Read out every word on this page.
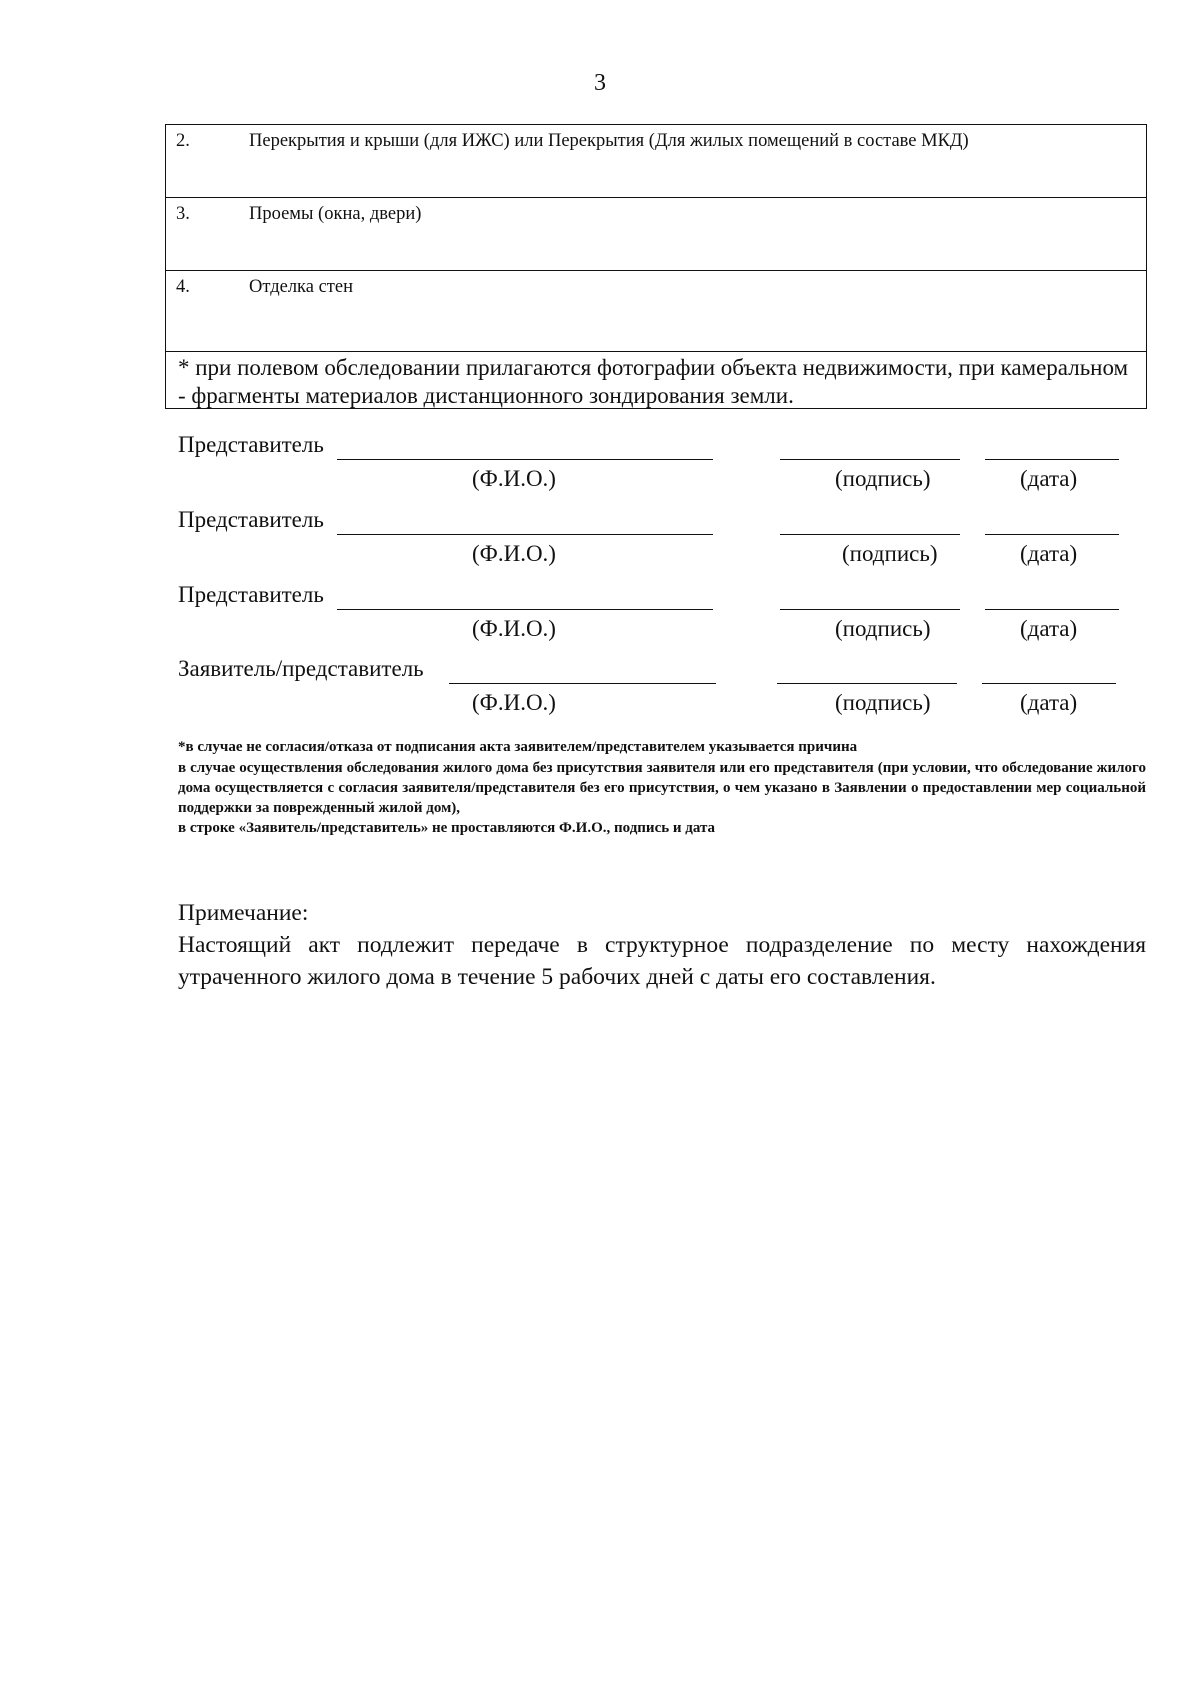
3
2.	Перекрытия и крыши (для ИЖС) или Перекрытия (Для жилых помещений в составе МКД)

3.	Проемы (окна, двери)

4.	Отделка стен

* при полевом обследовании прилагаются фотографии объекта недвижимости, при камеральном - фрагменты материалов дистанционного зондирования земли.
Представитель
(Ф.И.О.)	(подпись)	(дата)
Представитель
(Ф.И.О.)	(подпись)	(дата)
Представитель
(Ф.И.О.)	(подпись)	(дата)
Заявитель/представитель
(Ф.И.О.)	(подпись)	(дата)

*в случае не согласия/отказа от подписания акта заявителем/представителем указывается причина

в случае осуществления обследования жилого дома без присутствия заявителя или его представителя (при условии, что обследование жилого дома осуществляется с согласия заявителя/представителя без его присутствия, о чем указано в Заявлении о предоставлении мер социальной поддержки за поврежденный жилой дом),

в строке «Заявитель/представитель» не проставляются Ф.И.О., подпись и дата

Примечание:

Настоящий акт подлежит передаче в структурное подразделение по месту нахождения утраченного жилого дома в течение 5 рабочих дней с даты его составления.
